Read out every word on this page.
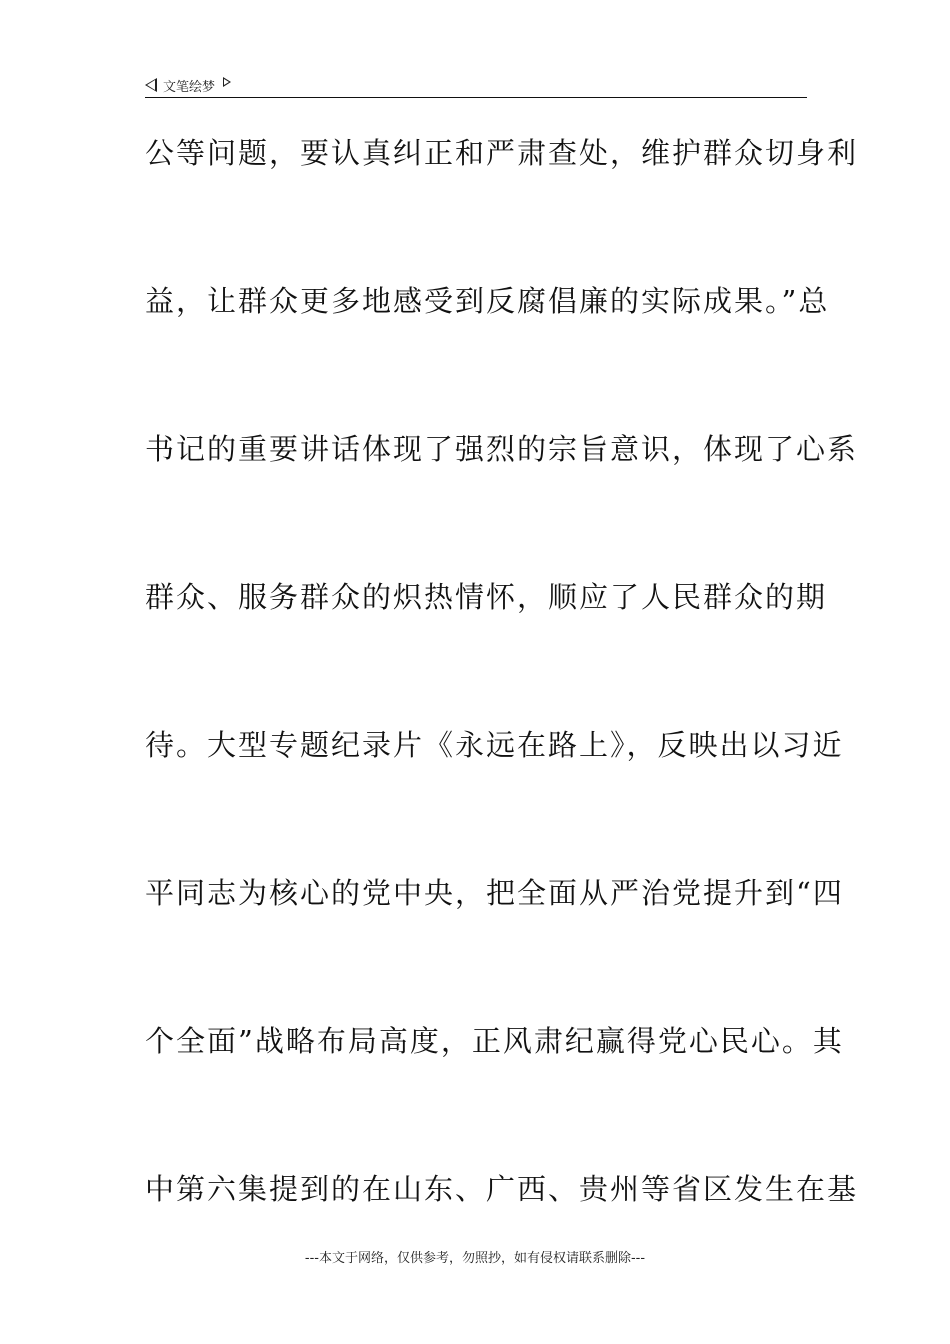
文笔绘梦
公等问题，要认真纠正和严肃查处，维护群众切身利
益，让群众更多地感受到反腐倡廉的实际成果。”总
书记的重要讲话体现了强烈的宗旨意识，体现了心系
群众、服务群众的炽热情怀，顺应了人民群众的期
待。大型专题纪录片《永远在路上》，反映出以习近
平同志为核心的党中央，把全面从严治党提升到“四
个全面”战略布局高度，正风肃纪赢得党心民心。其
中第六集提到的在山东、广西、贵州等省区发生在基
---本文于网络，仅供参考，勿照抄，如有侵权请联系删除---
